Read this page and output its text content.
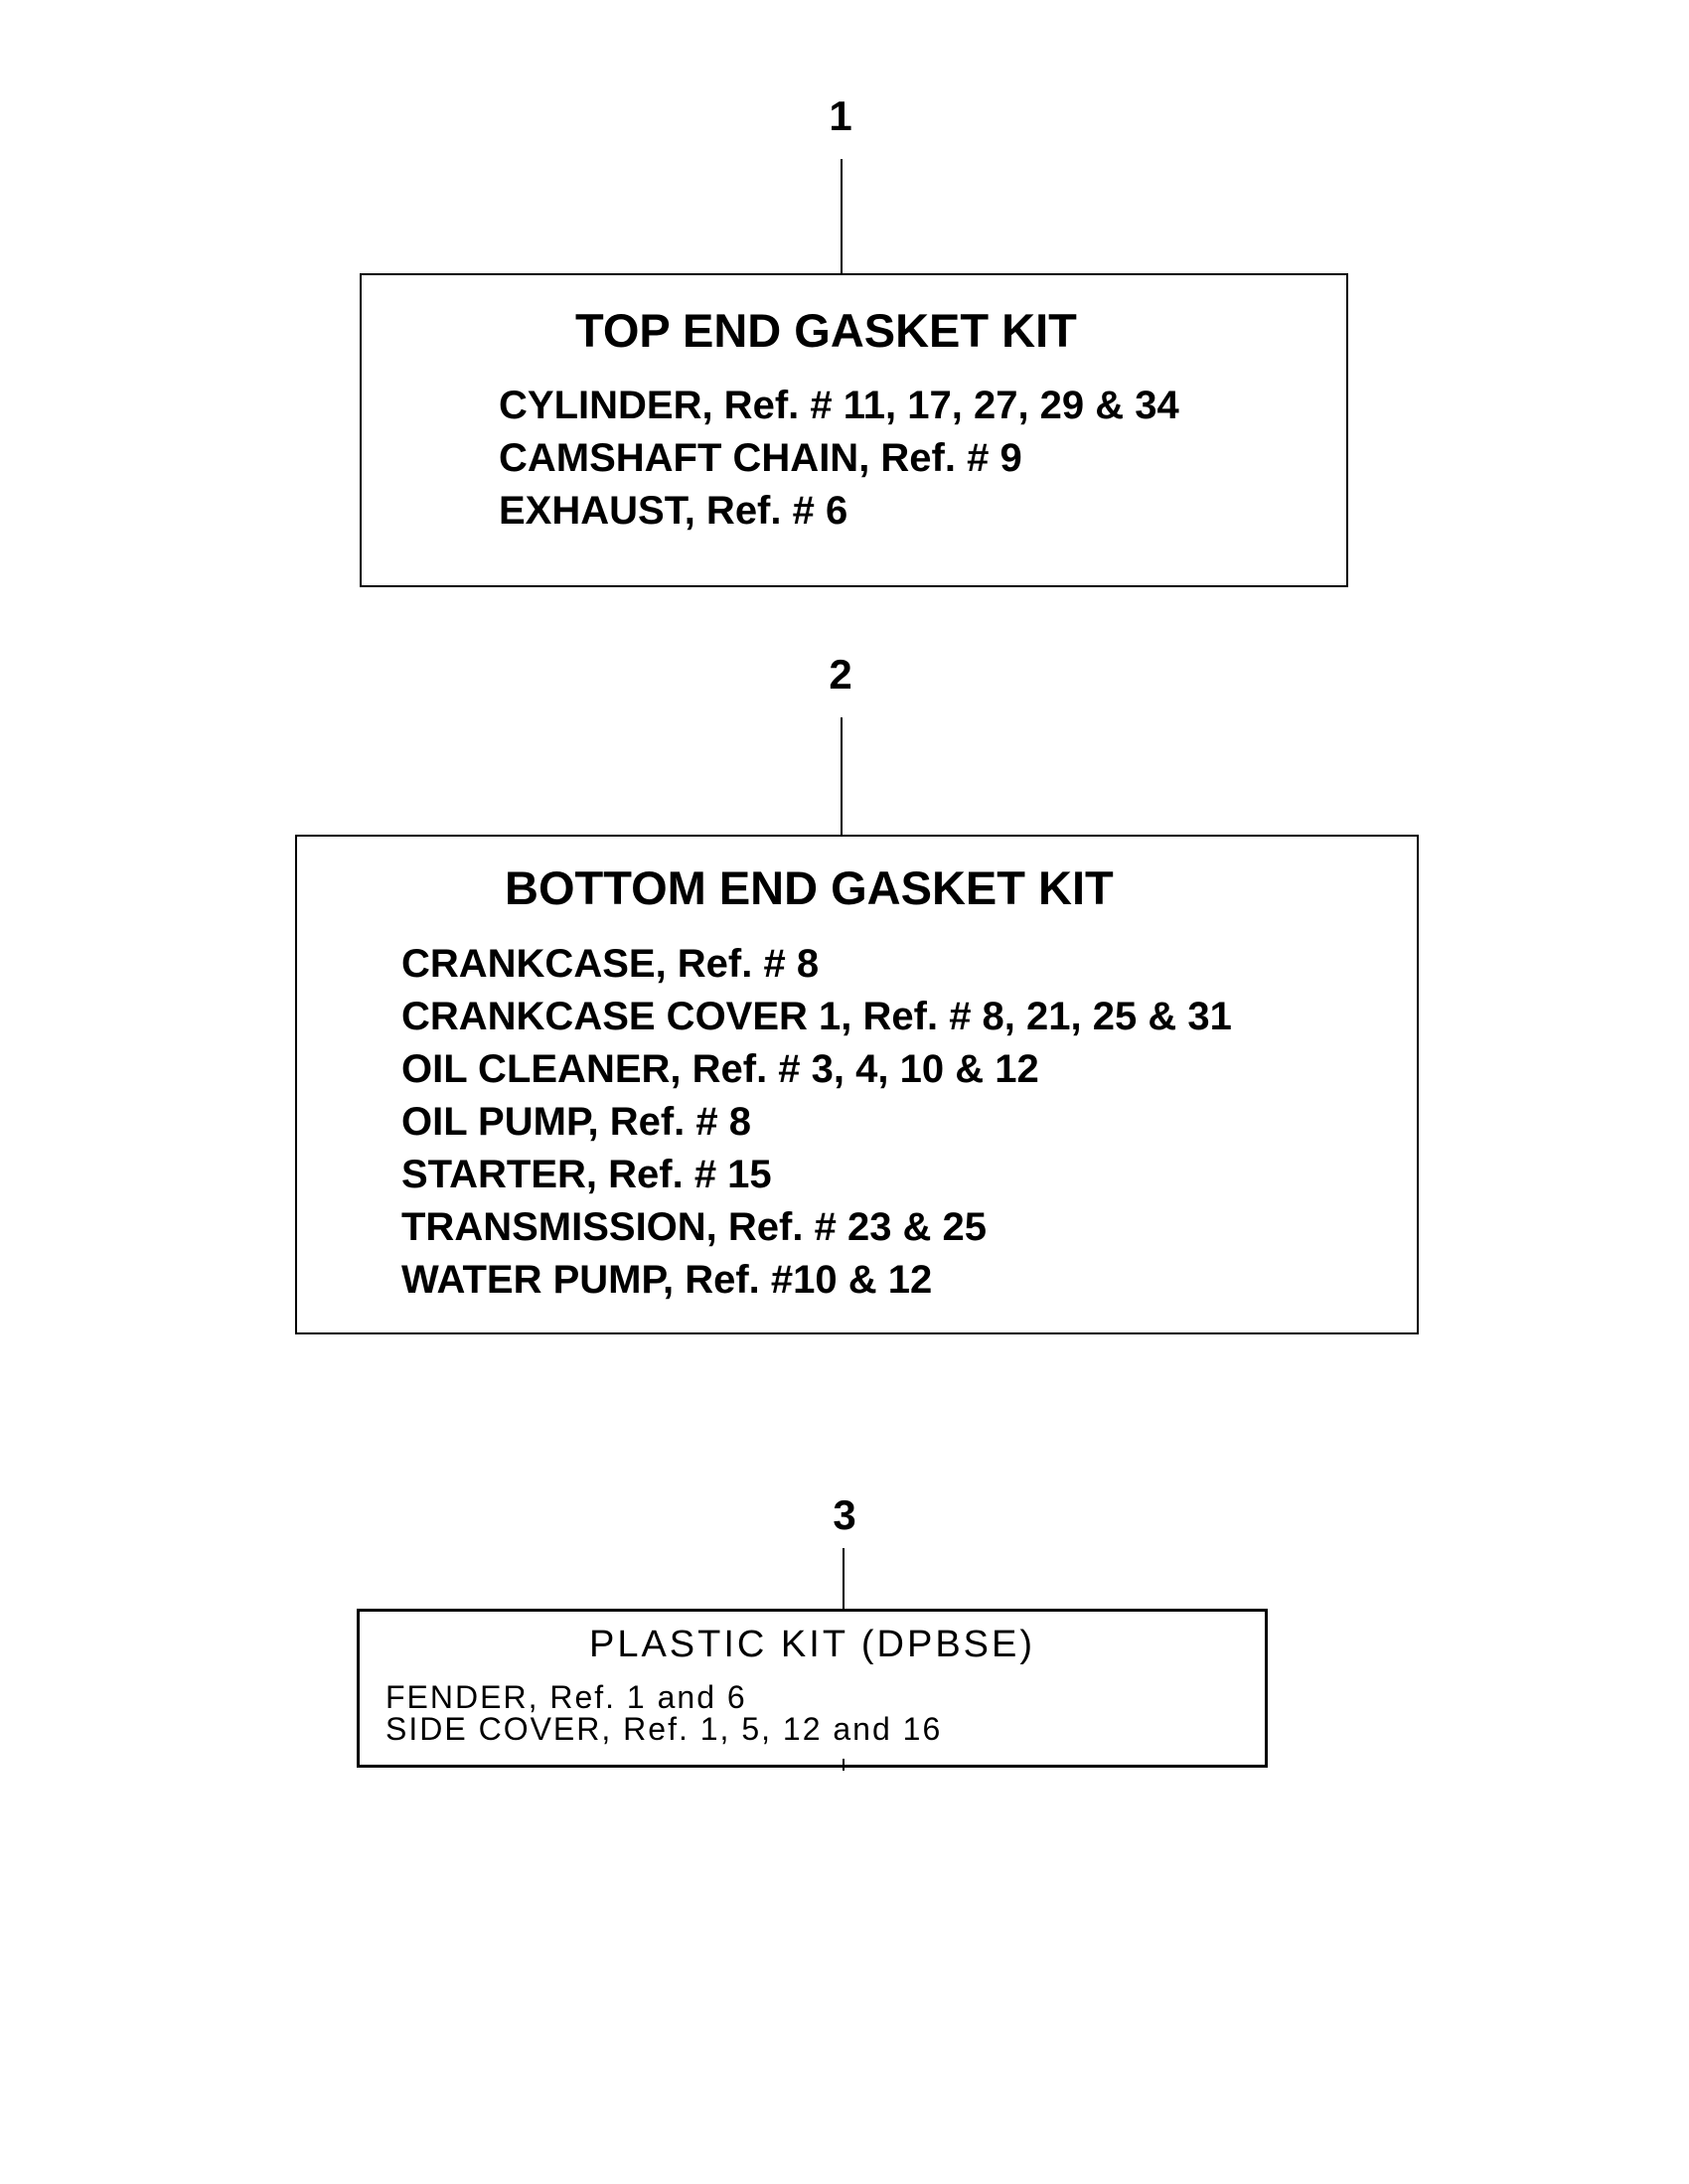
1
TOP END GASKET KIT
CYLINDER, Ref. # 11, 17, 27, 29 & 34
CAMSHAFT CHAIN, Ref. # 9
EXHAUST, Ref. # 6
2
BOTTOM END GASKET KIT
CRANKCASE, Ref. # 8
CRANKCASE COVER 1, Ref. # 8, 21, 25 & 31
OIL CLEANER, Ref. # 3, 4, 10 & 12
OIL PUMP, Ref. # 8
STARTER, Ref. # 15
TRANSMISSION, Ref. # 23 & 25
WATER PUMP, Ref. #10 & 12
3
PLASTIC KIT (DPBSE)
FENDER, Ref. 1 and 6
SIDE COVER, Ref. 1, 5, 12 and 16
